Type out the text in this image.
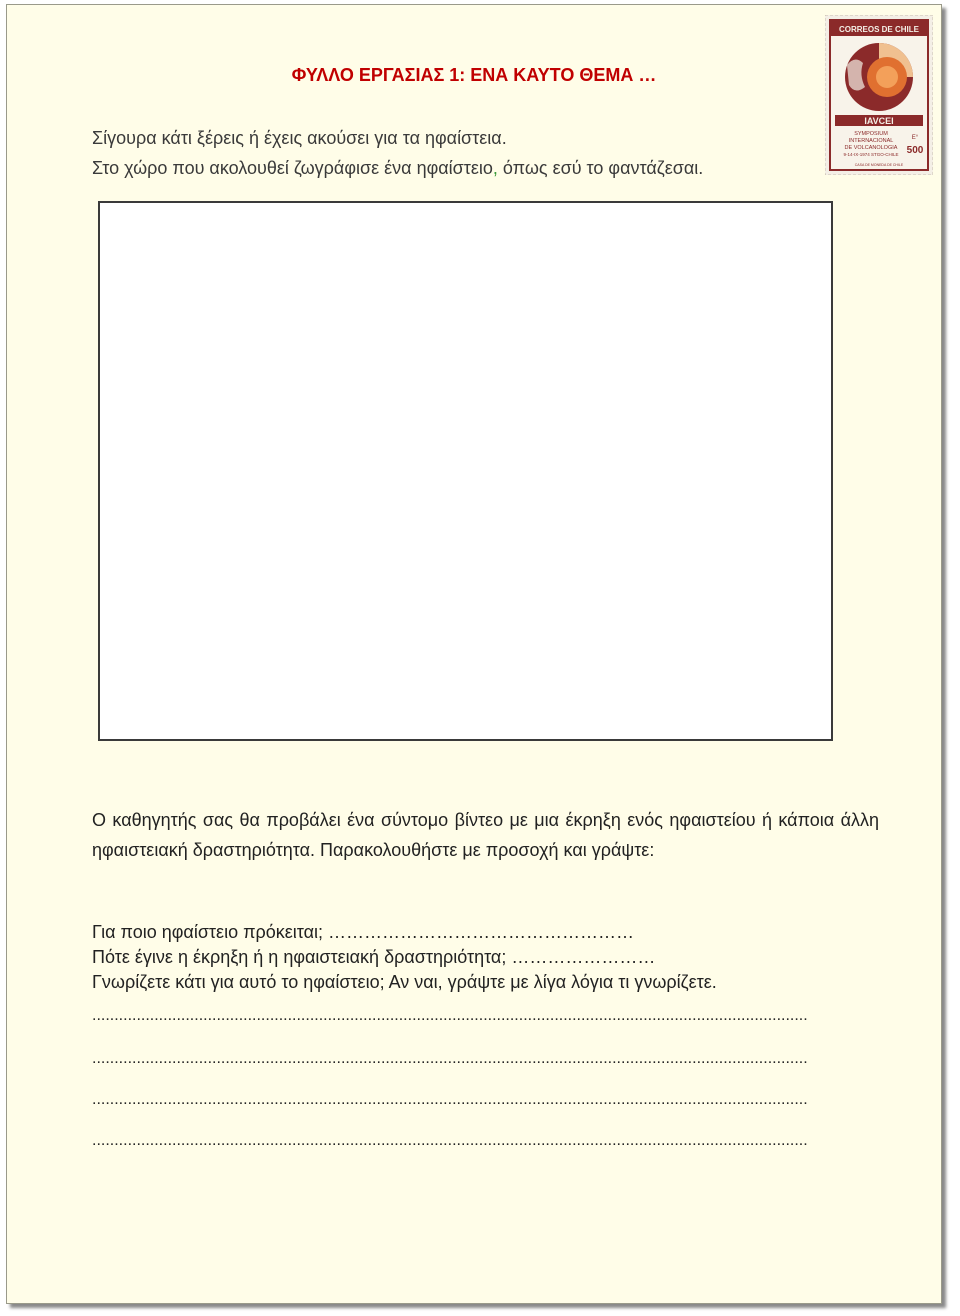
ΦΥΛΛΟ ΕΡΓΑΣΙΑΣ 1: ΕΝΑ ΚΑΥΤΟ ΘΕΜΑ …
CORREOS DE CHILE
IAVCEI
SYMPOSIUM
INTERNACIONAL
DE VOLCANOLOGIA
9-14-IX-1974 STGO-CHILE
E°
500
CASA DE MONEDA DE CHILE
Σίγουρα κάτι ξέρεις ή έχεις ακούσει για τα ηφαίστεια.
Στο χώρο που ακολουθεί ζωγράφισε ένα ηφαίστειο, όπως εσύ το φαντάζεσαι.
Ο καθηγητής σας θα προβάλει ένα σύντομο βίντεο με μια έκρηξη ενός ηφαιστείου ή κάποια άλλη ηφαιστειακή δραστηριότητα. Παρακολουθήστε με προσοχή και γράψτε:
Για ποιο ηφαίστειο πρόκειται; ……………………………………………
Πότε έγινε η έκρηξη ή η ηφαιστειακή δραστηριότητα; ……………………
Γνωρίζετε κάτι για αυτό το ηφαίστειο; Αν ναι, γράψτε με λίγα λόγια τι γνωρίζετε.
.................................................................................................................................................................
.................................................................................................................................................................
.................................................................................................................................................................
.................................................................................................................................................................
